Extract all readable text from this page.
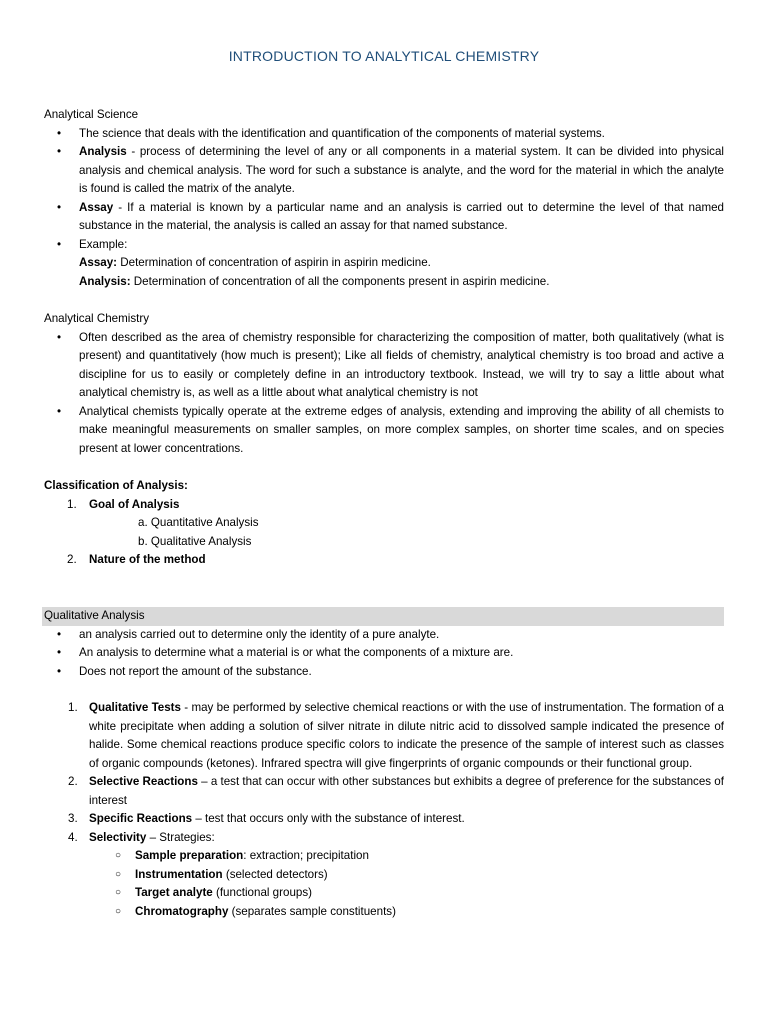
INTRODUCTION TO ANALYTICAL CHEMISTRY
Analytical Science
• The science that deals with the identification and quantification of the components of material systems.

• Analysis - process of determining the level of any or all components in a material system. It can be divided into physical analysis and chemical analysis. The word for such a substance is analyte, and the word for the material in which the analyte is found is called the matrix of the analyte.

• Assay - If a material is known by a particular name and an analysis is carried out to determine the level of that named substance in the material, the analysis is called an assay for that named substance.

• Example:

Assay: Determination of concentration of aspirin in aspirin medicine.
Analysis: Determination of concentration of all the components present in aspirin medicine.
Analytical Chemistry
• Often described as the area of chemistry responsible for characterizing the composition of matter, both qualitatively (what is present) and quantitatively (how much is present); Like all fields of chemistry, analytical chemistry is too broad and active a discipline for us to easily or completely define in an introductory textbook. Instead, we will try to say a little about what analytical chemistry is, as well as a little about what analytical chemistry is not

• Analytical chemists typically operate at the extreme edges of analysis, extending and improving the ability of all chemists to make meaningful measurements on smaller samples, on more complex samples, on shorter time scales, and on species present at lower concentrations.

Classification of Analysis:
1. Goal of Analysis
a. Quantitative Analysis
b. Qualitative Analysis
2. Nature of the method
Qualitative Analysis
• an analysis carried out to determine only the identity of a pure analyte.

• An analysis to determine what a material is or what the components of a mixture are.

• Does not report the amount of the substance.

1. Qualitative Tests - may be performed by selective chemical reactions or with the use of instrumentation. The formation of a white precipitate when adding a solution of silver nitrate in dilute nitric acid to dissolved sample indicated the presence of halide. Some chemical reactions produce specific colors to indicate the presence of the sample of interest such as classes of organic compounds (ketones). Infrared spectra will give fingerprints of organic compounds or their functional group.
2. Selective Reactions – a test that can occur with other substances but exhibits a degree of preference for the substances of interest
3. Specific Reactions – test that occurs only with the substance of interest.
4. Selectivity – Strategies:
○ Sample preparation: extraction; precipitation
○ Instrumentation (selected detectors)
○ Target analyte (functional groups)
○ Chromatography (separates sample constituents)
